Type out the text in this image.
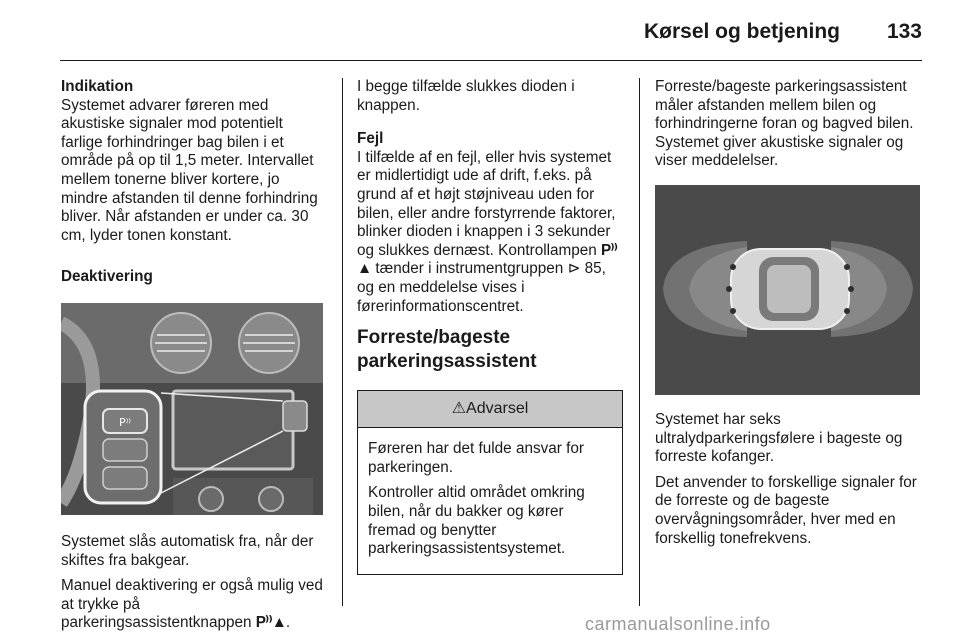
Kørsel og betjening	133

Indikation

Systemet advarer føreren med akustiske signaler mod potentielt farlige forhindringer bag bilen i et område på op til 1,5 meter. Intervallet mellem tonerne bliver kortere, jo mindre afstanden til denne forhindring bliver. Når afstanden er under ca. 30 cm, lyder tonen konstant.

Deaktivering

P⁾⁾

Systemet slås automatisk fra, når der skiftes fra bakgear.

Manuel deaktivering er også mulig ved at trykke på parkeringsassistentknappen P⁾⁾▲.

I begge tilfælde slukkes dioden i knappen.

Fejl

I tilfælde af en fejl, eller hvis systemet er midlertidigt ude af drift, f.eks. på grund af et højt støjniveau uden for bilen, eller andre forstyrrende faktorer, blinker dioden i knappen i 3 sekunder og slukkes dernæst. Kontrollampen P⁾⁾▲ tænder i instrumentgruppen ⊳ 85, og en meddelelse vises i førerinformationscentret.

Forreste/bageste parkeringsassistent
⚠ Advarsel

Føreren har det fulde ansvar for parkeringen.

Kontroller altid området omkring bilen, når du bakker og kører fremad og benytter parkeringsassistentsystemet.

Forreste/bageste parkeringsassistent måler afstanden mellem bilen og forhindringerne foran og bagved bilen. Systemet giver akustiske signaler og viser meddelelser.

Systemet har seks ultralydparkeringsfølere i bageste og forreste kofanger.

Det anvender to forskellige signaler for de forreste og de bageste overvågningsområder, hver med en forskellig tonefrekvens.

carmanualsonline.info
